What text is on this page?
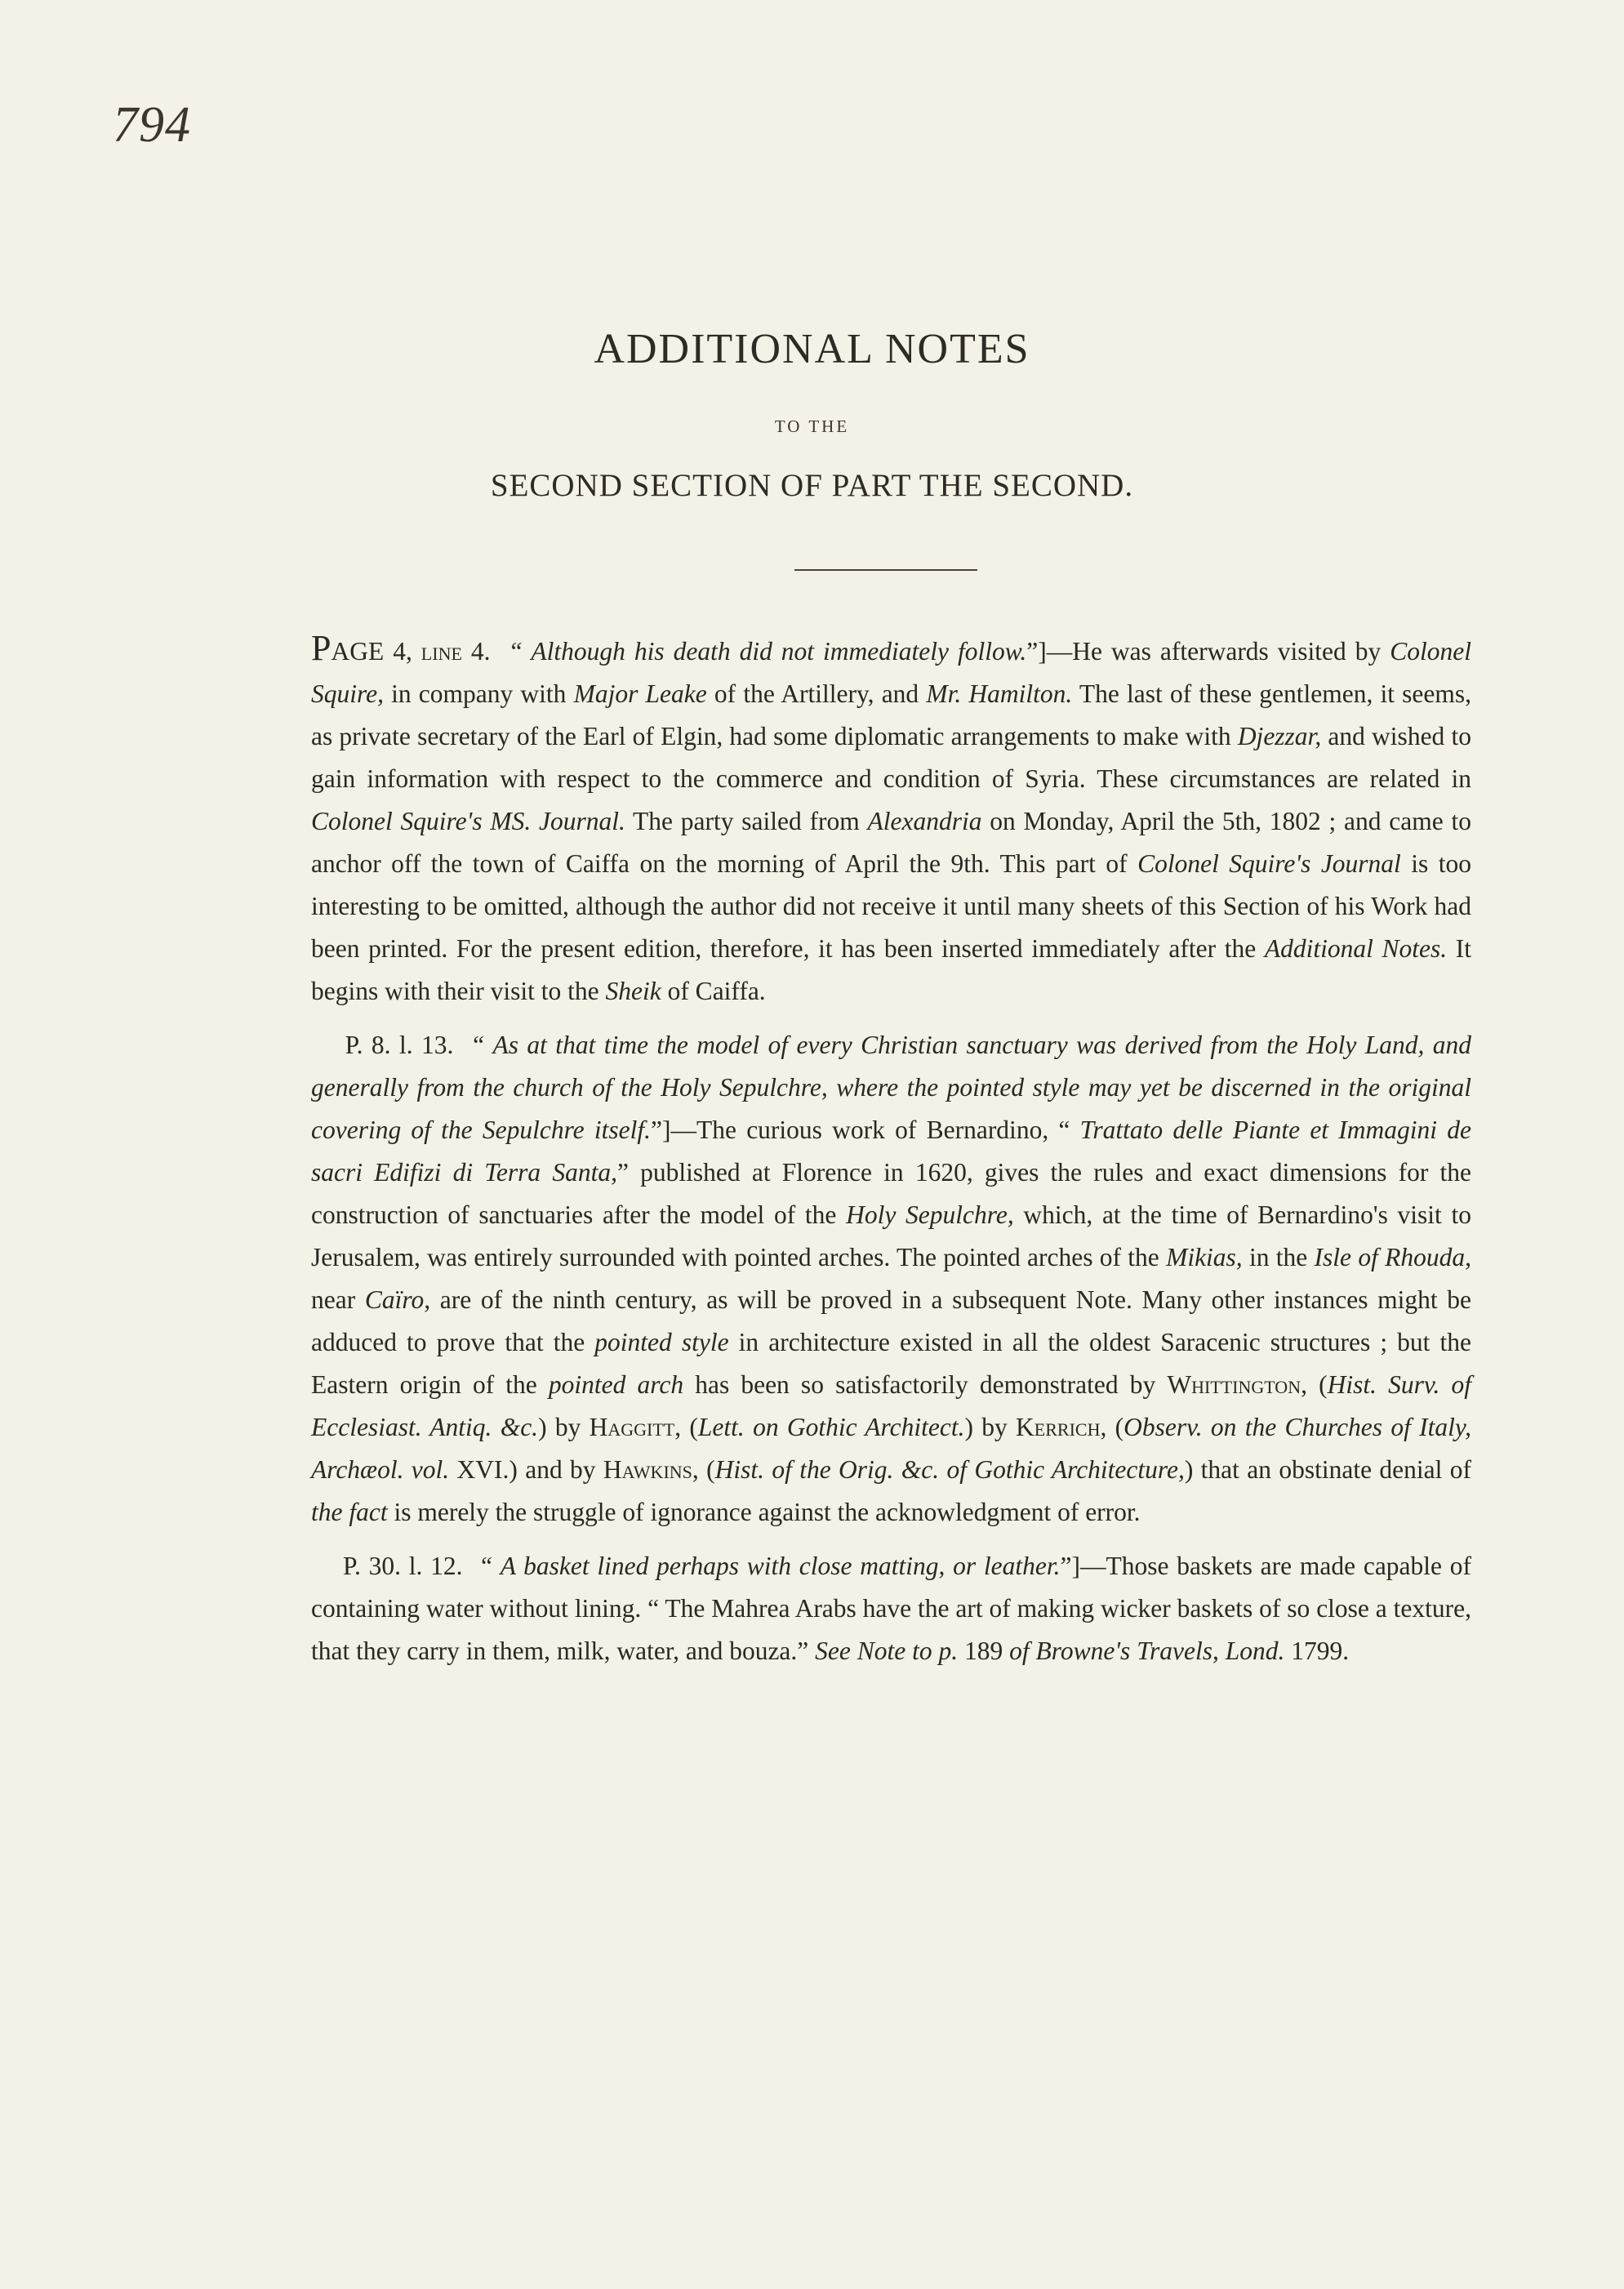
794
ADDITIONAL NOTES
TO THE
SECOND SECTION OF PART THE SECOND.

PAGE 4, line 4. “ Although his death did not immediately follow.”]—He was afterwards visited by Colonel Squire, in company with Major Leake of the Artillery, and Mr. Hamilton. The last of these gentlemen, it seems, as private secretary of the Earl of Elgin, had some diplomatic arrangements to make with Djezzar, and wished to gain information with respect to the commerce and condition of Syria. These circumstances are related in Colonel Squire's MS. Journal. The party sailed from Alexandria on Monday, April the 5th, 1802 ; and came to anchor off the town of Caiffa on the morning of April the 9th. This part of Colonel Squire's Journal is too interesting to be omitted, although the author did not receive it until many sheets of this Section of his Work had been printed. For the present edition, therefore, it has been inserted immediately after the Additional Notes. It begins with their visit to the Sheik of Caiffa.

P. 8. l. 13. “ As at that time the model of every Christian sanctuary was derived from the Holy Land, and generally from the church of the Holy Sepulchre, where the pointed style may yet be discerned in the original covering of the Sepulchre itself.”]—The curious work of Bernardino, “ Trattato delle Piante et Immagini de sacri Edifizi di Terra Santa,” published at Florence in 1620, gives the rules and exact dimensions for the construction of sanctuaries after the model of the Holy Sepulchre, which, at the time of Bernardino's visit to Jerusalem, was entirely surrounded with pointed arches. The pointed arches of the Mikias, in the Isle of Rhouda, near Caïro, are of the ninth century, as will be proved in a subsequent Note. Many other instances might be adduced to prove that the pointed style in architecture existed in all the oldest Saracenic structures ; but the Eastern origin of the pointed arch has been so satisfactorily demonstrated by Whittington, (Hist. Surv. of Ecclesiast. Antiq. &c.) by Haggitt, (Lett. on Gothic Architect.) by Kerrich, (Observ. on the Churches of Italy, Archæol. vol. XVI.) and by Hawkins, (Hist. of the Orig. &c. of Gothic Architecture,) that an obstinate denial of the fact is merely the struggle of ignorance against the acknowledgment of error.

P. 30. l. 12. “ A basket lined perhaps with close matting, or leather.”]—Those baskets are made capable of containing water without lining. “ The Mahrea Arabs have the art of making wicker baskets of so close a texture, that they carry in them, milk, water, and bouza.” See Note to p. 189 of Browne's Travels, Lond. 1799.
